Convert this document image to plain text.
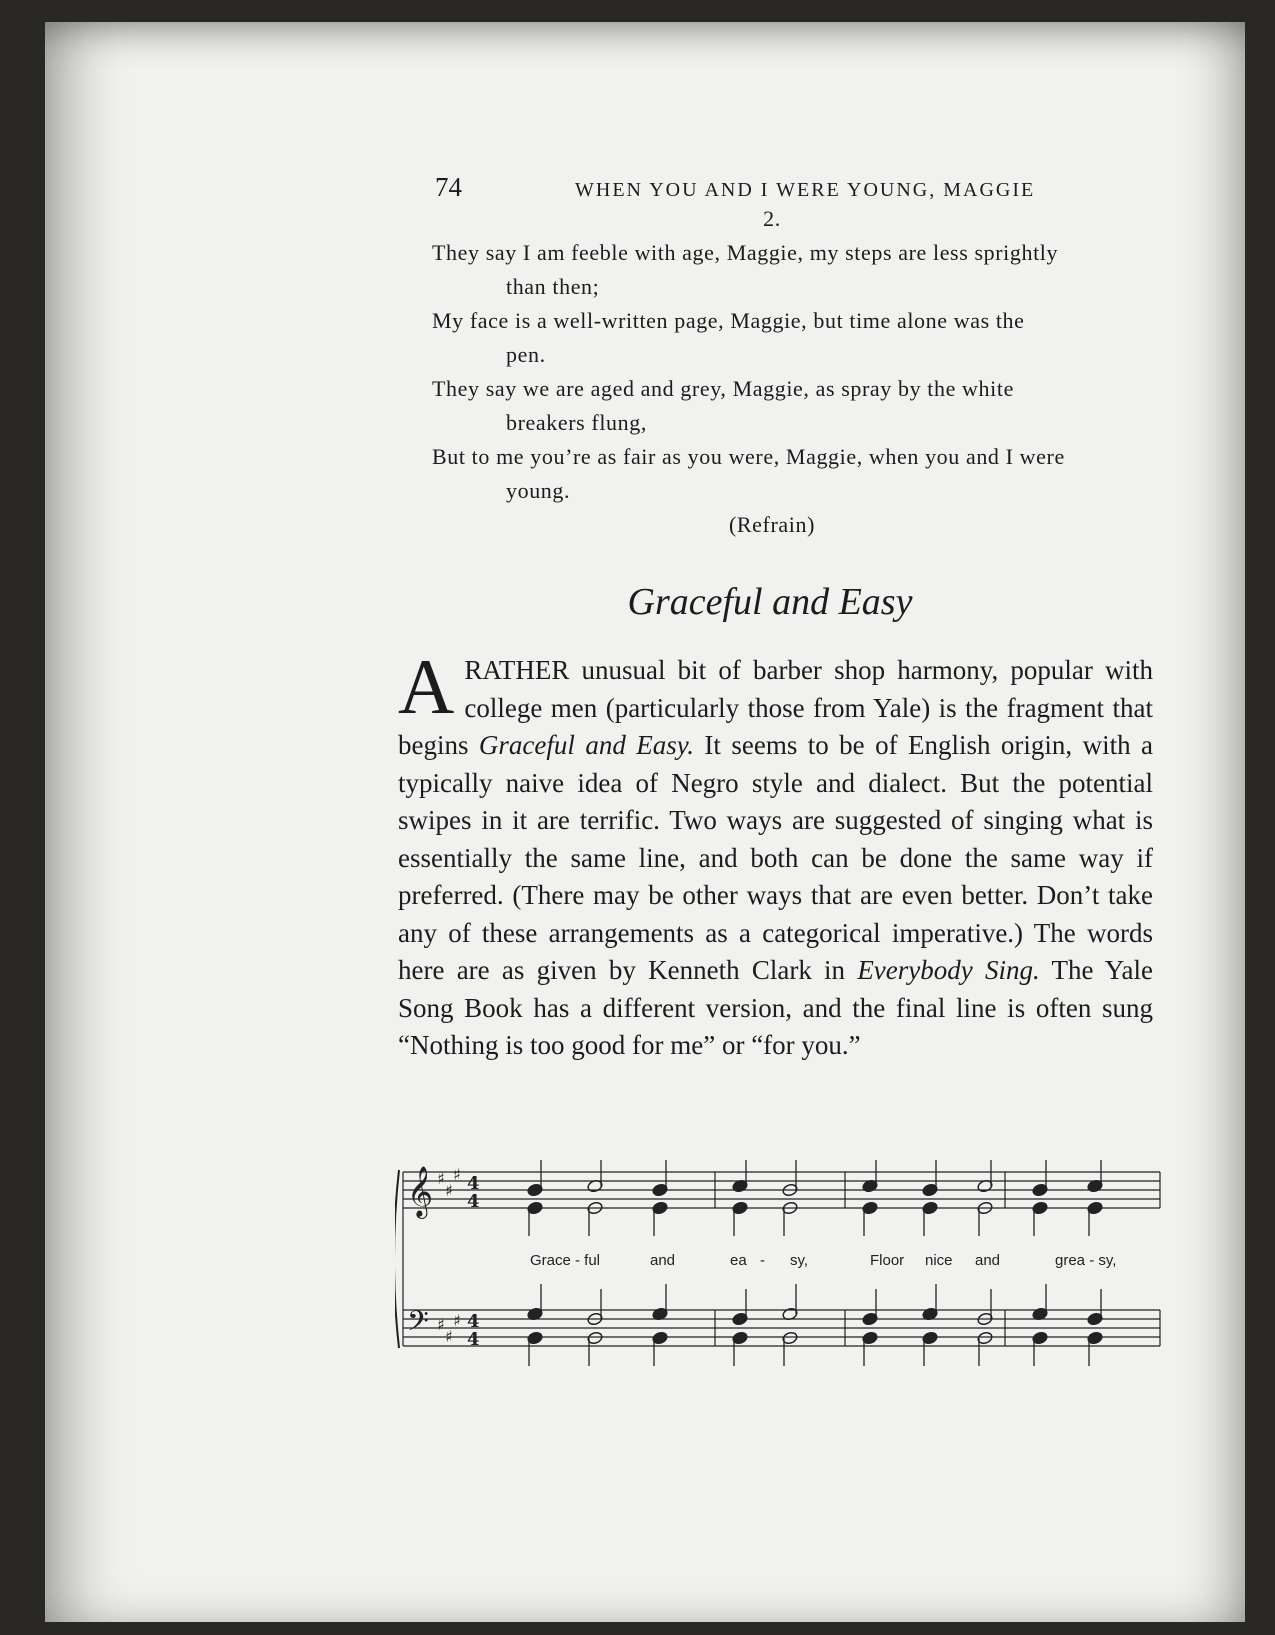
74	WHEN YOU AND I WERE YOUNG, MAGGIE
2.

They say I am feeble with age, Maggie, my steps are less sprightly
than then;

My face is a well-written page, Maggie, but time alone was the
pen.

They say we are aged and grey, Maggie, as spray by the white
breakers flung,

But to me you’re as fair as you were, Maggie, when you and I were
young.

(Refrain)
Graceful and Easy
ARATHER unusual bit of barber shop harmony, popular with college men (particularly those from Yale) is the fragment that begins Graceful and Easy. It seems to be of English origin, with a typically naive idea of Negro style and dialect. But the potential swipes in it are terrific. Two ways are suggested of singing what is essentially the same line, and both can be done the same way if preferred. (There may be other ways that are even better. Don’t take any of these arrangements as a categorical imperative.) The words here are as given by Kenneth Clark in Everybody Sing. The Yale Song Book has a different version, and the final line is often sung “Nothing is too good for me” or “for you.”
𝄞
𝄢
♯
♯
♯
♯
♯
♯
4
4
4
4
Grace - ful	and	ea - sy,	Floor nice and	grea - sy,
